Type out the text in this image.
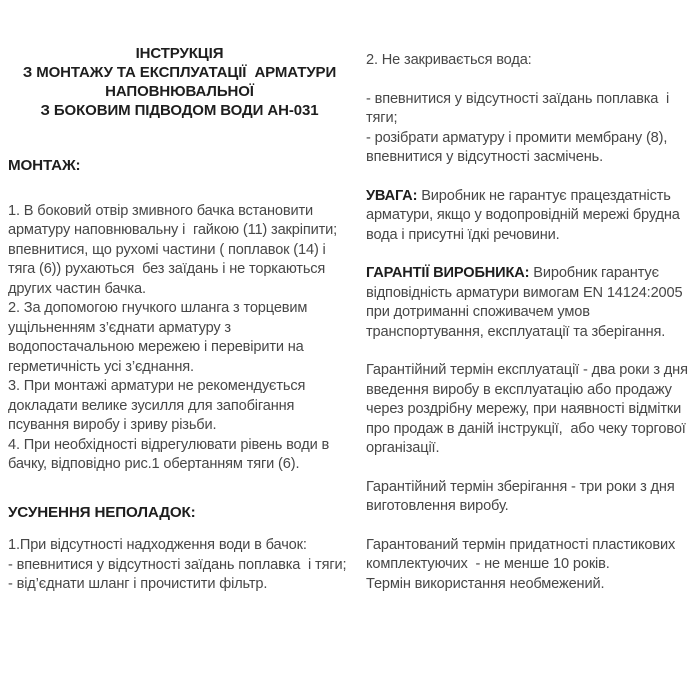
ІНСТРУКЦІЯ
З МОНТАЖУ ТА ЕКСПЛУАТАЦІЇ  АРМАТУРИ
НАПОВНЮВАЛЬНОЇ
З БОКОВИМ ПІДВОДОМ ВОДИ АН-031
МОНТАЖ:

1. В боковий отвір змивного бачка встановити арматуру наповнювальну і  гайкою (11) закріпити; впевнитися, що рухомі частини ( поплавок (14) і тяга (6)) рухаються  без заїдань і не торкаються других частин бачка.

2. За допомогою гнучкого шланга з торцевим ущільненням з’єднати арматуру з водопостачальною мережею і перевірити на герметичність усі з’єднання.

3. При монтажі арматури не рекомендується докладати велике зусилля для запобігання псування виробу і зриву різьби.

4. При необхідності відрегулювати рівень води в бачку, відповідно рис.1 обертанням тяги (6).

УСУНЕННЯ НЕПОЛАДОК:

1.При відсутності надходження води в бачок:

- впевнитися у відсутності заїдань поплавка  і тяги;

- від’єднати шланг і прочистити фільтр.

2. Не закривається вода:

- впевнитися у відсутності заїдань поплавка  і тяги;

- розібрати арматуру і промити мембрану (8), впевнитися у відсутності засмічень.

УВАГА: Виробник не гарантує працездатність арматури, якщо у водопровідній мережі брудна вода і присутні їдкі речовини.

ГАРАНТІЇ ВИРОБНИКА: Виробник гарантує відповідність арматури вимогам EN 14124:2005  при дотриманні споживачем умов транспортування, експлуатації та зберігання.

Гарантійний термін експлуатації - два роки з дня введення виробу в експлуатацію або продажу через роздрібну мережу, при наявності відмітки про продаж в даній інструкції,  або чеку торгової організації.

Гарантійний термін зберігання - три роки з дня виготовлення виробу.

Гарантований термін придатності пластикових комплектуючих  - не менше 10 років.

Термін використання необмежений.
